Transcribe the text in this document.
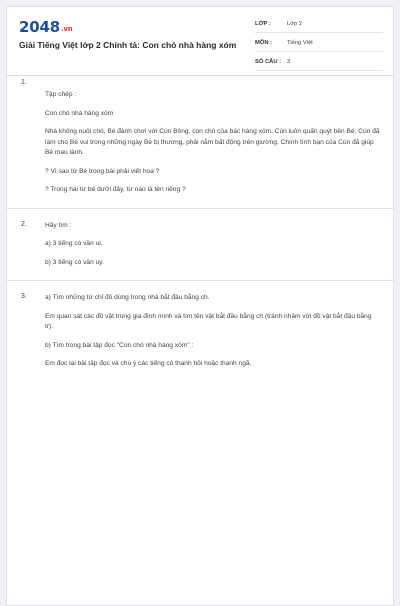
2048.vn
Giải Tiếng Việt lớp 2 Chính tả: Con chó nhà hàng xóm
LỚP :	Lớp 2
MÔN :	Tiếng Việt
SỐ CÂU :	3
1.

Tập chép :

Con chó nhà hàng xóm

Nhà không nuôi chó, Bé đành chơi với Cún Bông, con chó của bác hàng xóm. Cún luôn quấn quýt bên Bé. Cún đã làm cho Bé vui trong những ngày Bé bị thương, phải nằm bất động trên giường. Chính tình bạn của Cún đã giúp Bé mau lành.

? Vì sao từ Bé trong bài phải viết hoa ?

? Trong hai từ bé dưới đây, từ nào là tên riêng ?

2.	Hãy tìm :

a) 3 tiếng có vần ui.

b) 3 tiếng có vần uy.

3.	a) Tìm những từ chỉ đồ dùng trong nhà bắt đầu bằng ch.

Em quan sát các đồ vật trong gia đình mình và tìm tên vật bắt đầu bằng ch (tránh nhầm với đồ vật bắt đầu bằng tr).

b) Tìm trong bài tập đọc "Con chó nhà hàng xóm" :

Em đọc lại bài tập đọc và chú ý các tiếng có thanh hỏi hoặc thanh ngã.
